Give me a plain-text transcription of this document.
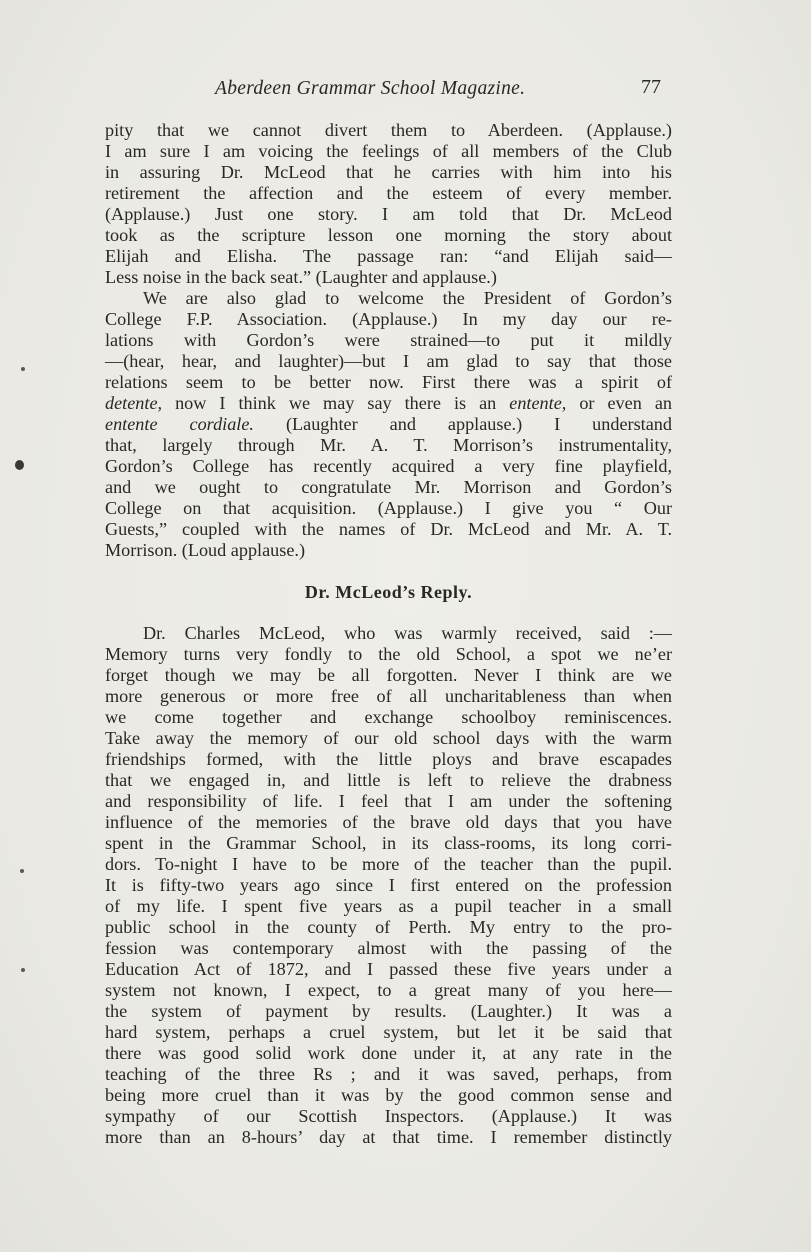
Aberdeen Grammar School Magazine.	77
pity that we cannot divert them to Aberdeen. (Applause.)
I am sure I am voicing the feelings of all members of the Club
in assuring Dr. McLeod that he carries with him into his
retirement the affection and the esteem of every member.
(Applause.) Just one story. I am told that Dr. McLeod
took as the scripture lesson one morning the story about
Elijah and Elisha. The passage ran: “and Elijah said—
Less noise in the back seat.” (Laughter and applause.)
We are also glad to welcome the President of Gordon’s
College F.P. Association. (Applause.) In my day our re-
lations with Gordon’s were strained—to put it mildly
—(hear, hear, and laughter)—but I am glad to say that those
relations seem to be better now. First there was a spirit of
detente, now I think we may say there is an entente, or even an
entente cordiale. (Laughter and applause.) I understand
that, largely through Mr. A. T. Morrison’s instrumentality,
Gordon’s College has recently acquired a very fine playfield,
and we ought to congratulate Mr. Morrison and Gordon’s
College on that acquisition. (Applause.) I give you “ Our
Guests,” coupled with the names of Dr. McLeod and Mr. A. T.
Morrison. (Loud applause.)
Dr. McLeod’s Reply.
Dr. Charles McLeod, who was warmly received, said :—
Memory turns very fondly to the old School, a spot we ne’er
forget though we may be all forgotten. Never I think are we
more generous or more free of all uncharitableness than when
we come together and exchange schoolboy reminiscences.
Take away the memory of our old school days with the warm
friendships formed, with the little ploys and brave escapades
that we engaged in, and little is left to relieve the drabness
and responsibility of life. I feel that I am under the softening
influence of the memories of the brave old days that you have
spent in the Grammar School, in its class-rooms, its long corri-
dors. To-night I have to be more of the teacher than the pupil.
It is fifty-two years ago since I first entered on the profession
of my life. I spent five years as a pupil teacher in a small
public school in the county of Perth. My entry to the pro-
fession was contemporary almost with the passing of the
Education Act of 1872, and I passed these five years under a
system not known, I expect, to a great many of you here—
the system of payment by results. (Laughter.) It was a
hard system, perhaps a cruel system, but let it be said that
there was good solid work done under it, at any rate in the
teaching of the three Rs ; and it was saved, perhaps, from
being more cruel than it was by the good common sense and
sympathy of our Scottish Inspectors. (Applause.) It was
more than an 8-hours’ day at that time. I remember distinctly
